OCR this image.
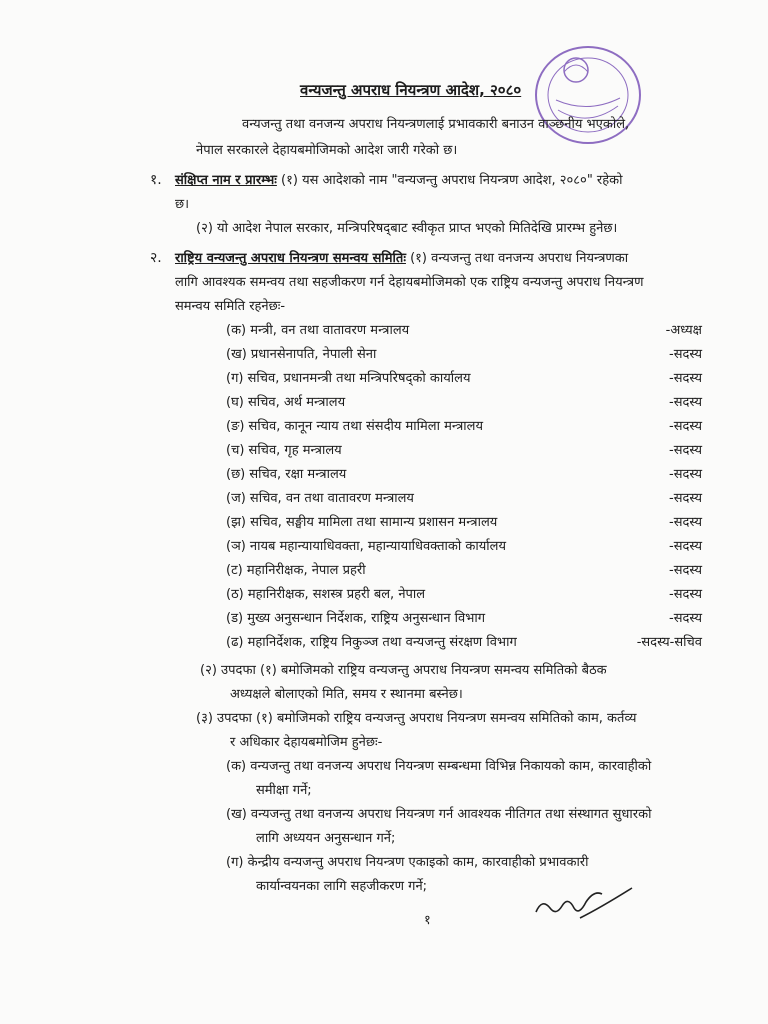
वन्यजन्तु अपराध नियन्त्रण आदेश, २०८०
वन्यजन्तु तथा वनजन्य अपराध नियन्त्रणलाई प्रभावकारी बनाउन वाञ्छनीय भएकोले,
नेपाल सरकारले देहायबमोजिमको आदेश जारी गरेको छ।
१. संक्षिप्त नाम र प्रारम्भः (१) यस आदेशको नाम "वन्यजन्तु अपराध नियन्त्रण आदेश, २०८०" रहेको
छ।
(२) यो आदेश नेपाल सरकार, मन्त्रिपरिषद्‌बाट स्वीकृत प्राप्त भएको मितिदेखि प्रारम्भ हुनेछ।
२. राष्ट्रिय वन्यजन्तु अपराध नियन्त्रण समन्वय समितिः (१) वन्यजन्तु तथा वनजन्य अपराध नियन्त्रणका
लागि आवश्यक समन्वय तथा सहजीकरण गर्न देहायबमोजिमको एक राष्ट्रिय वन्यजन्तु अपराध नियन्त्रण
समन्वय समिति रहनेछः-
(क) मन्त्री, वन तथा वातावरण मन्त्रालय	-अध्यक्ष
(ख) प्रधानसेनापति, नेपाली सेना	-सदस्य
(ग) सचिव, प्रधानमन्त्री तथा मन्त्रिपरिषद्को कार्यालय	-सदस्य
(घ) सचिव, अर्थ मन्त्रालय	-सदस्य
(ङ) सचिव, कानून न्याय तथा संसदीय मामिला मन्त्रालय	-सदस्य
(च) सचिव, गृह मन्त्रालय	-सदस्य
(छ) सचिव, रक्षा मन्त्रालय	-सदस्य
(ज) सचिव, वन तथा वातावरण मन्त्रालय	-सदस्य
(झ) सचिव, सङ्घीय मामिला तथा सामान्य प्रशासन मन्त्रालय	-सदस्य
(ञ) नायब महान्यायाधिवक्ता, महान्यायाधिवक्ताको कार्यालय	-सदस्य
(ट) महानिरीक्षक, नेपाल प्रहरी	-सदस्य
(ठ) महानिरीक्षक, सशस्त्र प्रहरी बल, नेपाल	-सदस्य
(ड) मुख्य अनुसन्धान निर्देशक, राष्ट्रिय अनुसन्धान विभाग	-सदस्य
(ढ) महानिर्देशक, राष्ट्रिय निकुञ्ज तथा वन्यजन्तु संरक्षण विभाग	-सदस्य-सचिव
(२) उपदफा (१) बमोजिमको राष्ट्रिय वन्यजन्तु अपराध नियन्त्रण समन्वय समितिको बैठक
अध्यक्षले बोलाएको मिति, समय र स्थानमा बस्नेछ।
(३) उपदफा (१) बमोजिमको राष्ट्रिय वन्यजन्तु अपराध नियन्त्रण समन्वय समितिको काम, कर्तव्य
र अधिकार देहायबमोजिम हुनेछः-
(क) वन्यजन्तु तथा वनजन्य अपराध नियन्त्रण सम्बन्धमा विभिन्न निकायको काम, कारवाहीको
समीक्षा गर्ने;
(ख) वन्यजन्तु तथा वनजन्य अपराध नियन्त्रण गर्न आवश्यक नीतिगत तथा संस्थागत सुधारको
लागि अध्ययन अनुसन्धान गर्ने;
(ग) केन्द्रीय वन्यजन्तु अपराध नियन्त्रण एकाइको काम, कारवाहीको प्रभावकारी
कार्यान्वयनका लागि सहजीकरण गर्ने;
१
